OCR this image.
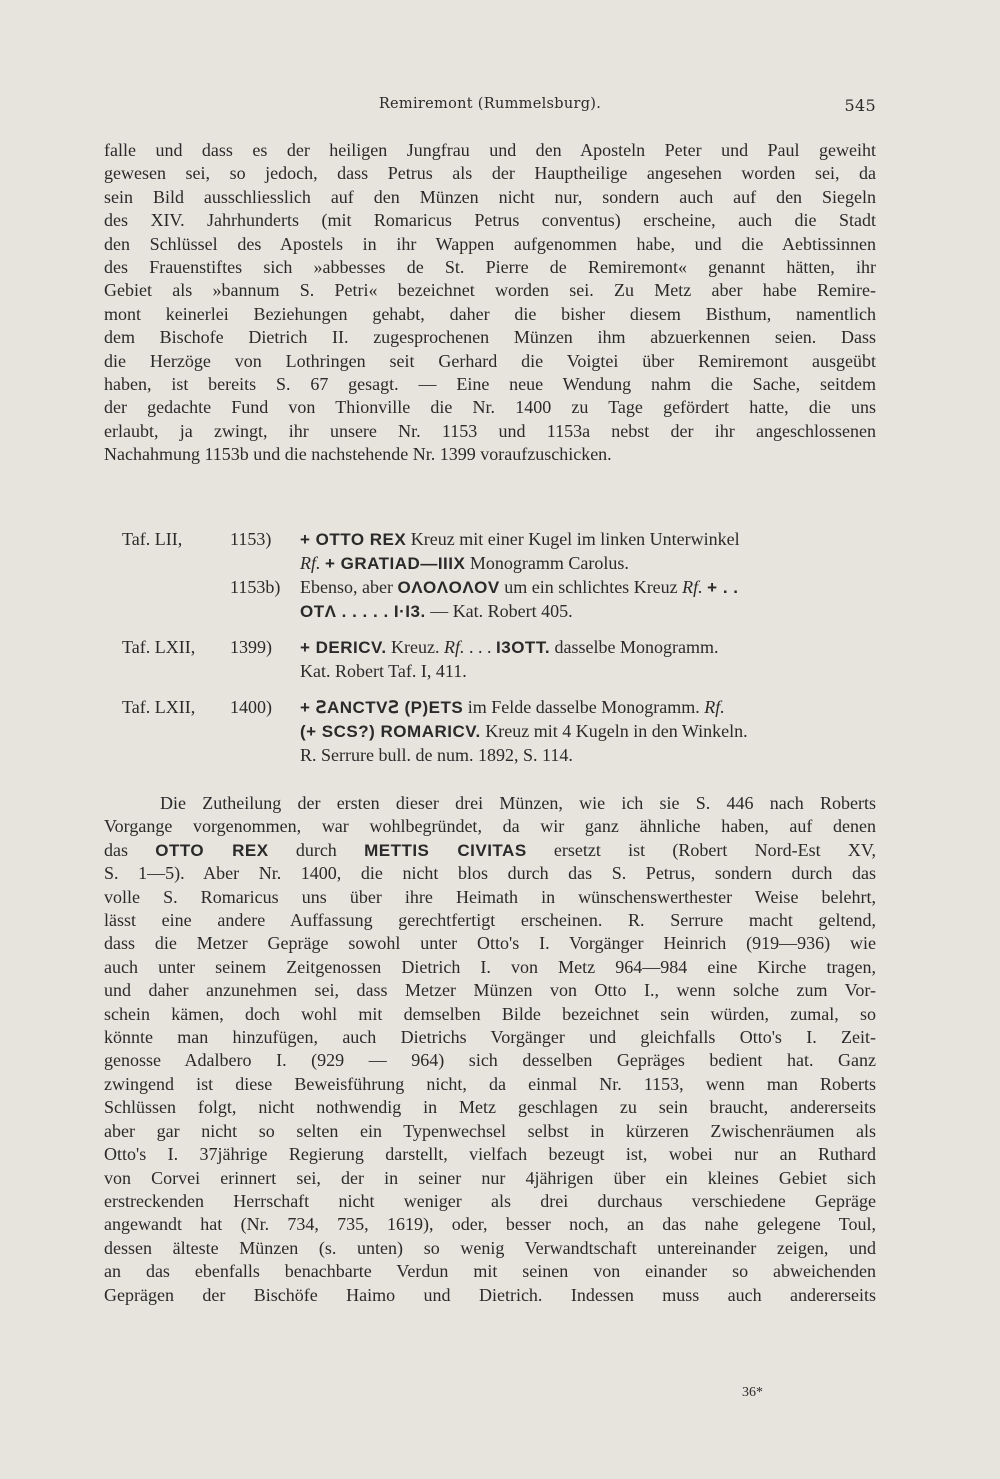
Remiremont (Rummelsburg).	545
falle und dass es der heiligen Jungfrau und den Aposteln Peter und Paul geweiht
gewesen sei, so jedoch, dass Petrus als der Hauptheilige angesehen worden sei, da
sein Bild ausschliesslich auf den Münzen nicht nur, sondern auch auf den Siegeln
des XIV. Jahrhunderts (mit Romaricus Petrus conventus) erscheine, auch die Stadt
den Schlüssel des Apostels in ihr Wappen aufgenommen habe, und die Aebtissinnen
des Frauenstiftes sich »abbesses de St. Pierre de Remiremont« genannt hätten, ihr
Gebiet als »bannum S. Petri« bezeichnet worden sei. Zu Metz aber habe Remire-
mont keinerlei Beziehungen gehabt, daher die bisher diesem Bisthum, namentlich
dem Bischofe Dietrich II. zugesprochenen Münzen ihm abzuerkennen seien. Dass
die Herzöge von Lothringen seit Gerhard die Voigtei über Remiremont ausgeübt
haben, ist bereits S. 67 gesagt. — Eine neue Wendung nahm die Sache, seitdem
der gedachte Fund von Thionville die Nr. 1400 zu Tage gefördert hatte, die uns
erlaubt, ja zwingt, ihr unsere Nr. 1153 und 1153a nebst der ihr angeschlossenen
Nachahmung 1153b und die nachstehende Nr. 1399 voraufzuschicken.
Taf. LII,	1153) + OTTO REX Kreuz mit einer Kugel im linken Unterwinkel
Rf. + GRATIAD—IIIX Monogramm Carolus.
1153b) Ebenso, aber OΛOΛOΛOV um ein schlichtes Kreuz Rf. + . .
OTΛ . . . . . I·I3. — Kat. Robert 405.
Taf. LXII, 1399) + DERICV. Kreuz. Rf. . . . I3OTT. dasselbe Monogramm.
Kat. Robert Taf. I, 411.
Taf. LXII, 1400) + ꙄANCTVꙄ (P)ETS im Felde dasselbe Monogramm. Rf.
(+ SCS?) ROMARICV. Kreuz mit 4 Kugeln in den Winkeln.
R. Serrure bull. de num. 1892, S. 114.
Die Zutheilung der ersten dieser drei Münzen, wie ich sie S. 446 nach Roberts
Vorgange vorgenommen, war wohlbegründet, da wir ganz ähnliche haben, auf denen
das OTTO REX durch METTIS CIVITAS ersetzt ist (Robert Nord-Est XV,
S. 1—5). Aber Nr. 1400, die nicht blos durch das S. Petrus, sondern durch das
volle S. Romaricus uns über ihre Heimath in wünschenswerthester Weise belehrt,
lässt eine andere Auffassung gerechtfertigt erscheinen. R. Serrure macht geltend,
dass die Metzer Gepräge sowohl unter Otto's I. Vorgänger Heinrich (919—936) wie
auch unter seinem Zeitgenossen Dietrich I. von Metz 964—984 eine Kirche tragen,
und daher anzunehmen sei, dass Metzer Münzen von Otto I., wenn solche zum Vor-
schein kämen, doch wohl mit demselben Bilde bezeichnet sein würden, zumal, so
könnte man hinzufügen, auch Dietrichs Vorgänger und gleichfalls Otto's I. Zeit-
genosse Adalbero I. (929 — 964) sich desselben Gepräges bedient hat. Ganz
zwingend ist diese Beweisführung nicht, da einmal Nr. 1153, wenn man Roberts
Schlüssen folgt, nicht nothwendig in Metz geschlagen zu sein braucht, andererseits
aber gar nicht so selten ein Typenwechsel selbst in kürzeren Zwischenräumen als
Otto's I. 37jährige Regierung darstellt, vielfach bezeugt ist, wobei nur an Ruthard
von Corvei erinnert sei, der in seiner nur 4jährigen über ein kleines Gebiet sich
erstreckenden Herrschaft nicht weniger als drei durchaus verschiedene Gepräge
angewandt hat (Nr. 734, 735, 1619), oder, besser noch, an das nahe gelegene Toul,
dessen älteste Münzen (s. unten) so wenig Verwandtschaft untereinander zeigen, und
an das ebenfalls benachbarte Verdun mit seinen von einander so abweichenden
Geprägen der Bischöfe Haimo und Dietrich. Indessen muss auch andererseits
36*
